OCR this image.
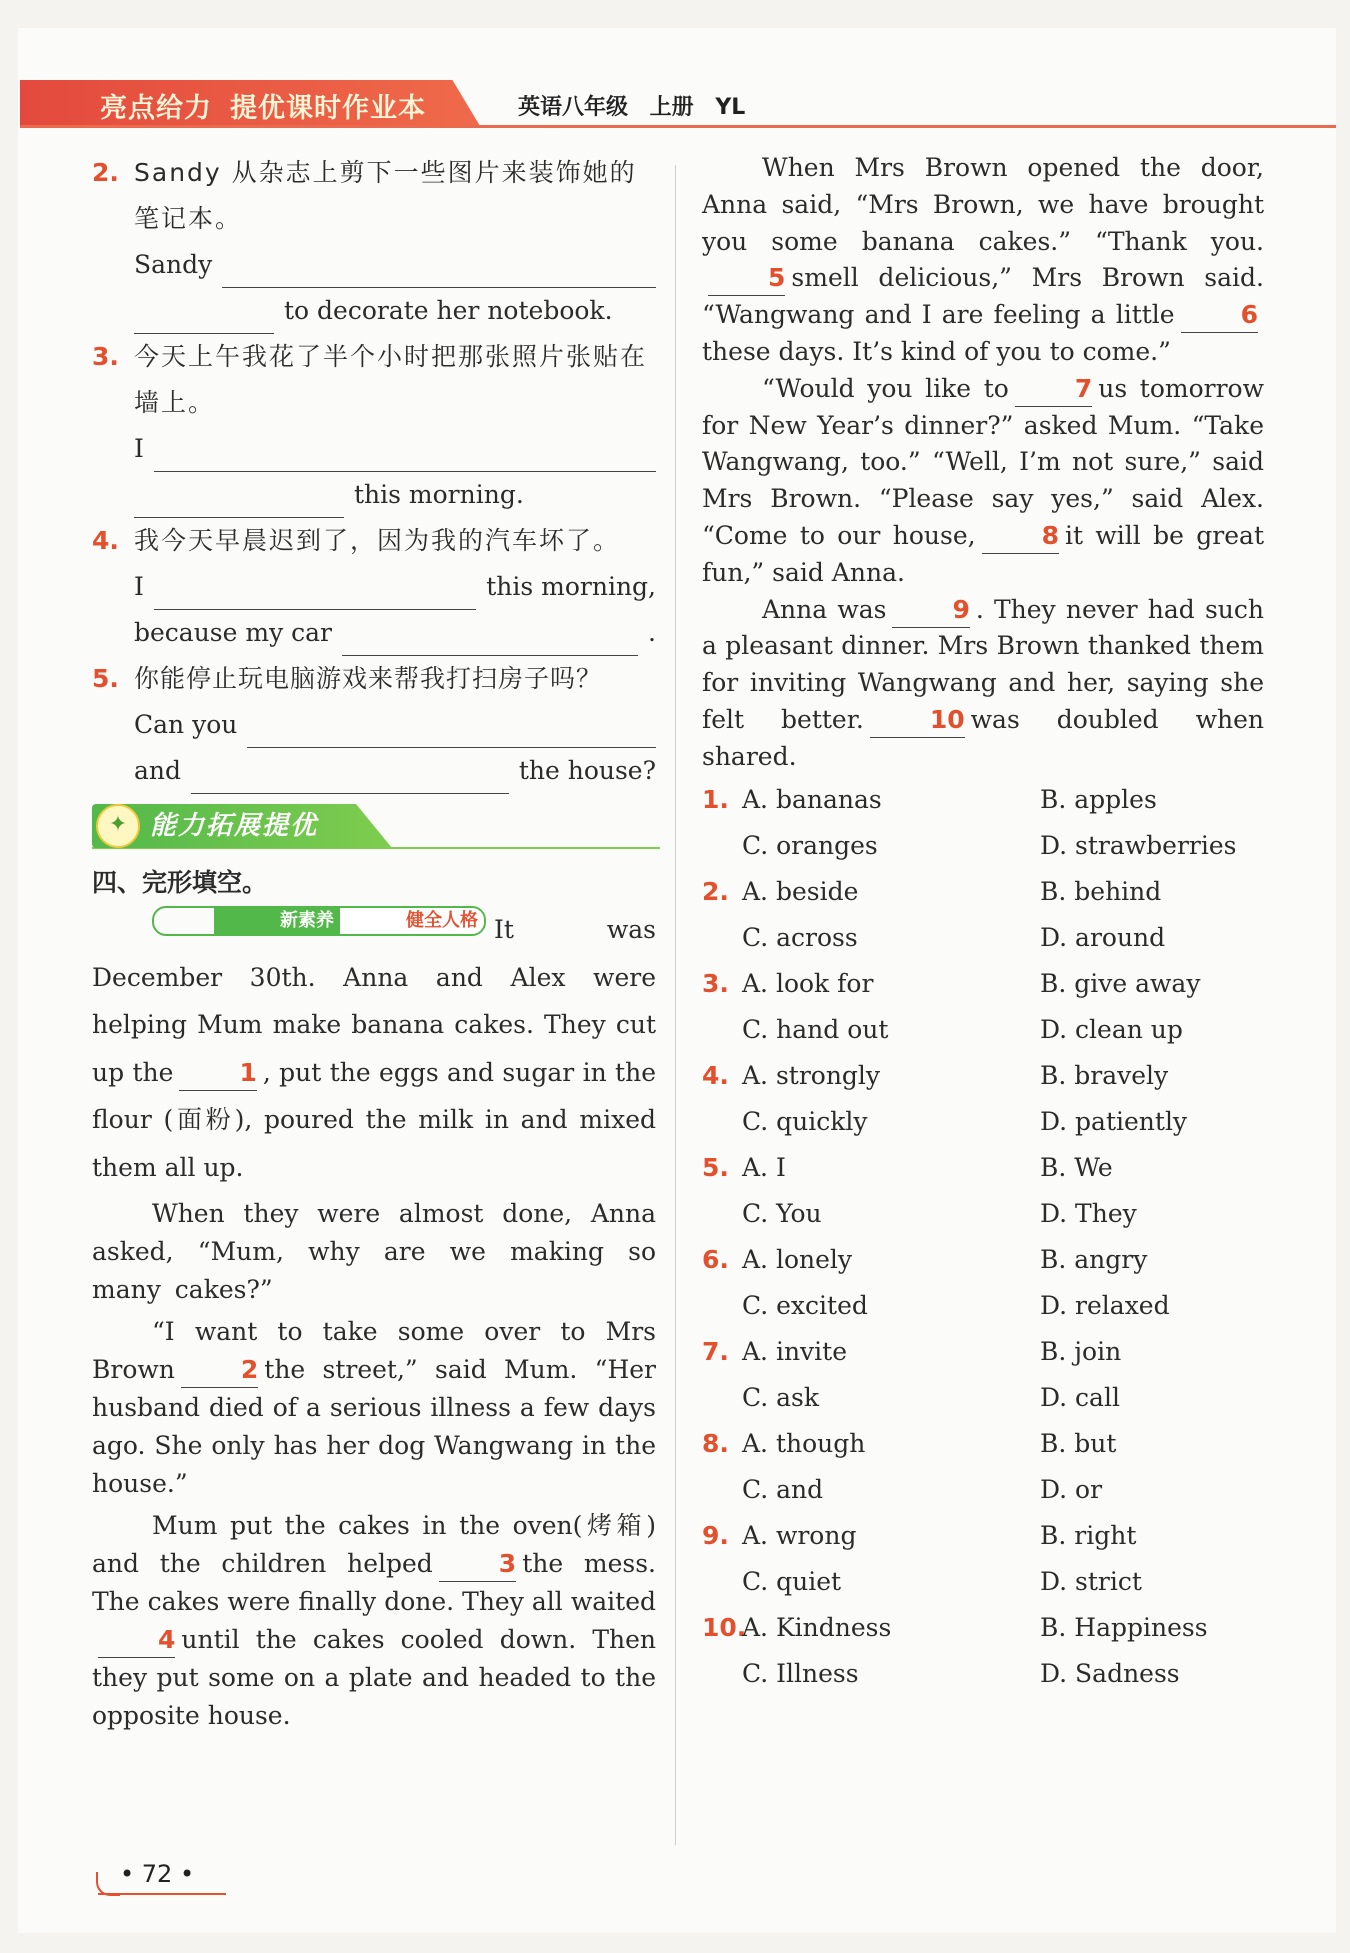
亮点给力 提优课时作业本	英语八年级 上册 YL
2. Sandy 从杂志上剪下一些图片来装饰她的笔记本。
Sandy
to decorate her notebook.
3. 今天上午我花了半个小时把那张照片张贴在墙上。
I
this morning.
4. 我今天早晨迟到了，因为我的汽车坏了。
I	this morning,
because my car	.
5. 你能停止玩电脑游戏来帮我打扫房子吗？
Can you
and	the house?
✦ 能力拓展提优
四、完形填空。
新素养	健全人格 It was December 30th. Anna and Alex were helping Mum make banana cakes. They cut up the	1 , put the eggs and sugar in the flour (面粉), poured the milk in and mixed them all up.
When they were almost done, Anna asked, “Mum, why are we making so many cakes?”
“I want to take some over to Mrs Brown	2 the street,” said Mum. “Her husband died of a serious illness a few days ago. She only has her dog Wangwang in the house.”
Mum put the cakes in the oven(烤箱) and the children helped	3 the mess. The cakes were finally done. They all waited4 until the cakes cooled down. Then they put some on a plate and headed to the opposite house.
When Mrs Brown opened the door, Anna said, “Mrs Brown, we have brought you some banana cakes.” “Thank you.5 smell delicious,” Mrs Brown said. “Wangwang and I are feeling a little	6these days. It’s kind of you to come.”
“Would you like to	7 us tomorrow for New Year’s dinner?” asked Mum. “Take Wangwang, too.” “Well, I’m not sure,” said Mrs Brown. “Please say yes,” said Alex. “Come to our house,	8 it will be great fun,” said Anna.
Anna was	9 . They never had such a pleasant dinner. Mrs Brown thanked them for inviting Wangwang and her, saying she felt better.	10 was doubled when shared.
1. A. bananas	B. apples
C. oranges	D. strawberries
2. A. beside	B. behind
C. across	D. around
3. A. look for	B. give away
C. hand out	D. clean up
4. A. strongly	B. bravely
C. quickly	D. patiently
5. A. I	B. We
C. You	D. They
6. A. lonely	B. angry
C. excited	D. relaxed
7. A. invite	B. join
C. ask	D. call
8. A. though	B. but
C. and	D. or
9. A. wrong	B. right
C. quiet	D. strict
10.
A. Kindness	B. Happiness
C. Illness	D. Sadness
• 72 •
